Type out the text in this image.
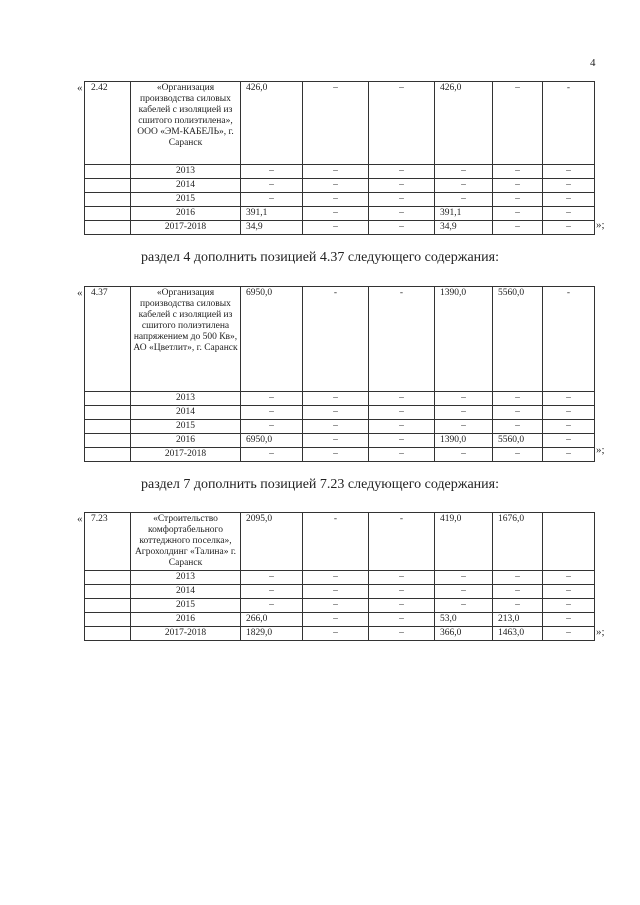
4
« 2.42	«Организация производства силовых кабелей с изоляцией из сшитого полиэтилена», ООО «ЭМ-КАБЕЛЬ», г. Саранск	426,0	–	–	426,0	–	-
	2013	–	–	–	–	–	–
	2014	–	–	–	–	–	–
	2015	–	–	–	–	–	–
	2016	391,1	–	–	391,1	–	–
	2017-2018	34,9	–	–	34,9	–	– »;
раздел 4 дополнить позицией 4.37 следующего содержания:
« 4.37	«Организация производства силовых кабелей с изоляцией из сшитого полиэтилена напряжением до 500 Кв», АО «Цветлит», г. Саранск	6950,0	-	-	1390,0	5560,0	-
	2013	–	–	–	–	–	–
	2014	–	–	–	–	–	–
	2015	–	–	–	–	–	–
	2016	6950,0	–	–	1390,0	5560,0	–
	2017-2018	–	–	–	–	–	– »;
раздел 7 дополнить позицией 7.23 следующего содержания:
« 7.23	«Строительство комфортабельного коттеджного поселка», Агрохолдинг «Талина» г. Саранск	2095,0	-	-	419,0	1676,0	
	2013	–	–	–	–	–	–
	2014	–	–	–	–	–	–
	2015	–	–	–	–	–	–
	2016	266,0	–	–	53,0	213,0	–
	2017-2018	1829,0	–	–	366,0	1463,0	– »;
